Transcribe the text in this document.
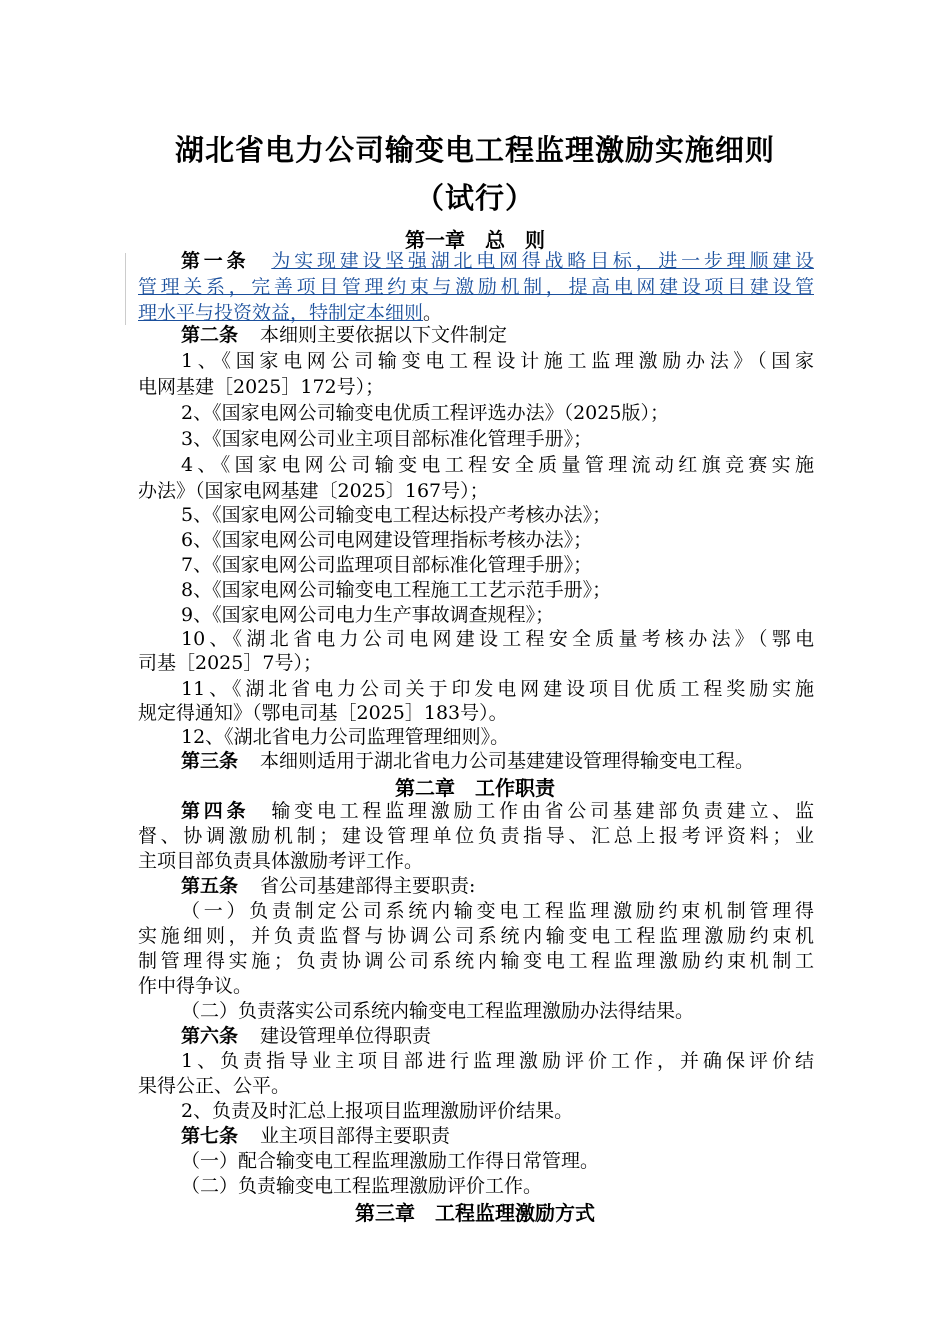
湖北省电力公司输变电工程监理激励实施细则
（试行）
第一章　总　则
第一条 为实现建设坚强湖北电网得战略目标，进一步理顺建设
管理关系，完善项目管理约束与激励机制，提高电网建设项目建设管
理水平与投资效益，特制定本细则。
第二条 本细则主要依据以下文件制定
1、《国家电网公司输变电工程设计施工监理激励办法》（国家
电网基建［2025］172号）；
2、《国家电网公司输变电优质工程评选办法》（2025版）；
3、《国家电网公司业主项目部标准化管理手册》；
4、《国家电网公司输变电工程安全质量管理流动红旗竞赛实施
办法》（国家电网基建〔2025〕167号）；
5、《国家电网公司输变电工程达标投产考核办法》；
6、《国家电网公司电网建设管理指标考核办法》；
7、《国家电网公司监理项目部标准化管理手册》；
8、《国家电网公司输变电工程施工工艺示范手册》；
9、《国家电网公司电力生产事故调查规程》；
10、《湖北省电力公司电网建设工程安全质量考核办法》（鄂电
司基［2025］7号）；
11、《湖北省电力公司关于印发电网建设项目优质工程奖励实施
规定得通知》（鄂电司基［2025］183号）。
12、《湖北省电力公司监理管理细则》。
第三条 本细则适用于湖北省电力公司基建建设管理得输变电工程。
第二章　工作职责
第四条 输变电工程监理激励工作由省公司基建部负责建立、监
督、协调激励机制；建设管理单位负责指导、汇总上报考评资料；业
主项目部负责具体激励考评工作。
第五条 省公司基建部得主要职责:
（一）负责制定公司系统内输变电工程监理激励约束机制管理得
实施细则，并负责监督与协调公司系统内输变电工程监理激励约束机
制管理得实施；负责协调公司系统内输变电工程监理激励约束机制工
作中得争议。
（二）负责落实公司系统内输变电工程监理激励办法得结果。
第六条 建设管理单位得职责
1、负责指导业主项目部进行监理激励评价工作，并确保评价结
果得公正、公平。
2、负责及时汇总上报项目监理激励评价结果。
第七条 业主项目部得主要职责
（一）配合输变电工程监理激励工作得日常管理。
（二）负责输变电工程监理激励评价工作。
第三章　工程监理激励方式
